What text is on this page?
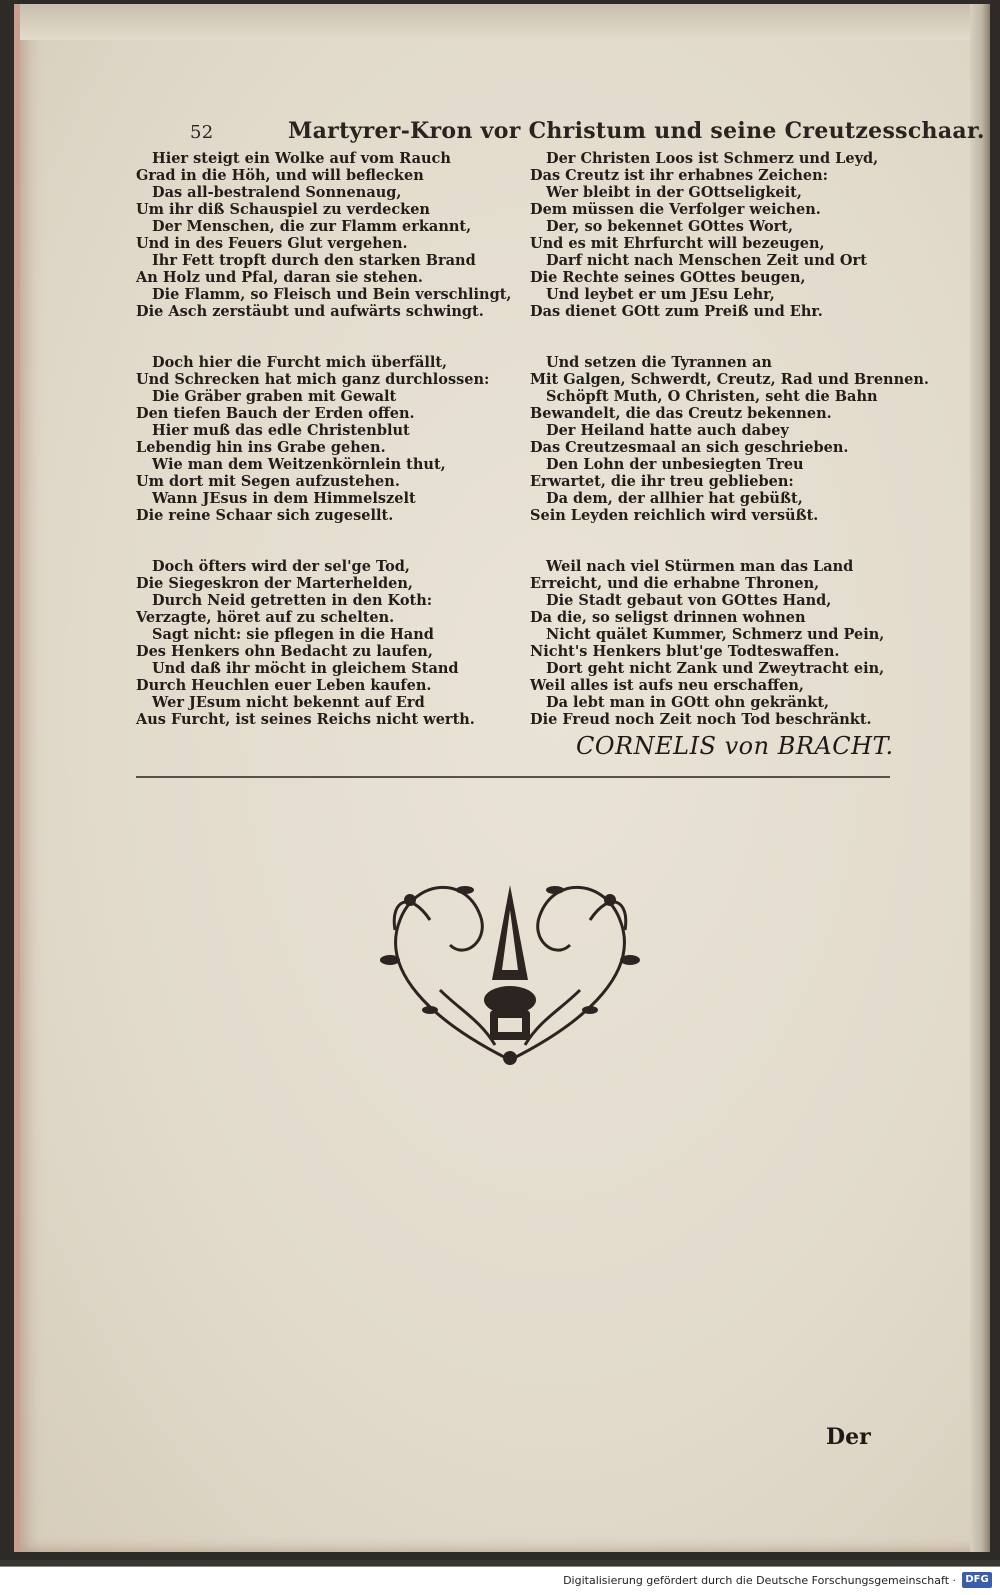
52	Martyrer-Kron vor Christum und seine Creutzesschaar.
Hier steigt ein Wolke auf vom Rauch
Grad in die Höh, und will beflecken
Das all-bestralend Sonnenaug,
Um ihr diß Schauspiel zu verdecken
Der Menschen, die zur Flamm erkannt,
Und in des Feuers Glut vergehen.
Ihr Fett tropft durch den starken Brand
An Holz und Pfal, daran sie stehen.
Die Flamm, so Fleisch und Bein verschlingt,
Die Asch zerstäubt und aufwärts schwingt.
Doch hier die Furcht mich überfällt,
Und Schrecken hat mich ganz durchlossen:
Die Gräber graben mit Gewalt
Den tiefen Bauch der Erden offen.
Hier muß das edle Christenblut
Lebendig hin ins Grabe gehen.
Wie man dem Weitzenkörnlein thut,
Um dort mit Segen aufzustehen.
Wann JEsus in dem Himmelszelt
Die reine Schaar sich zugesellt.
Doch öfters wird der sel'ge Tod,
Die Siegeskron der Marterhelden,
Durch Neid getretten in den Koth:
Verzagte, höret auf zu schelten.
Sagt nicht: sie pflegen in die Hand
Des Henkers ohn Bedacht zu laufen,
Und daß ihr möcht in gleichem Stand
Durch Heuchlen euer Leben kaufen.
Wer JEsum nicht bekennt auf Erd
Aus Furcht, ist seines Reichs nicht werth.
Der Christen Loos ist Schmerz und Leyd,
Das Creutz ist ihr erhabnes Zeichen:
Wer bleibt in der GOttseligkeit,
Dem müssen die Verfolger weichen.
Der, so bekennet GOttes Wort,
Und es mit Ehrfurcht will bezeugen,
Darf nicht nach Menschen Zeit und Ort
Die Rechte seines GOttes beugen,
Und leybet er um JEsu Lehr,
Das dienet GOtt zum Preiß und Ehr.
Und setzen die Tyrannen an
Mit Galgen, Schwerdt, Creutz, Rad und Brennen.
Schöpft Muth, O Christen, seht die Bahn
Bewandelt, die das Creutz bekennen.
Der Heiland hatte auch dabey
Das Creutzesmaal an sich geschrieben.
Den Lohn der unbesiegten Treu
Erwartet, die ihr treu geblieben:
Da dem, der allhier hat gebüßt,
Sein Leyden reichlich wird versüßt.
Weil nach viel Stürmen man das Land
Erreicht, und die erhabne Thronen,
Die Stadt gebaut von GOttes Hand,
Da die, so seligst drinnen wohnen
Nicht quälet Kummer, Schmerz und Pein,
Nicht's Henkers blut'ge Todteswaffen.
Dort geht nicht Zank und Zweytracht ein,
Weil alles ist aufs neu erschaffen,
Da lebt man in GOtt ohn gekränkt,
Die Freud noch Zeit noch Tod beschränkt.
CORNELIS von BRACHT.
Der
Digitalisierung gefördert durch die Deutsche Forschungsgemeinschaft · DFG
